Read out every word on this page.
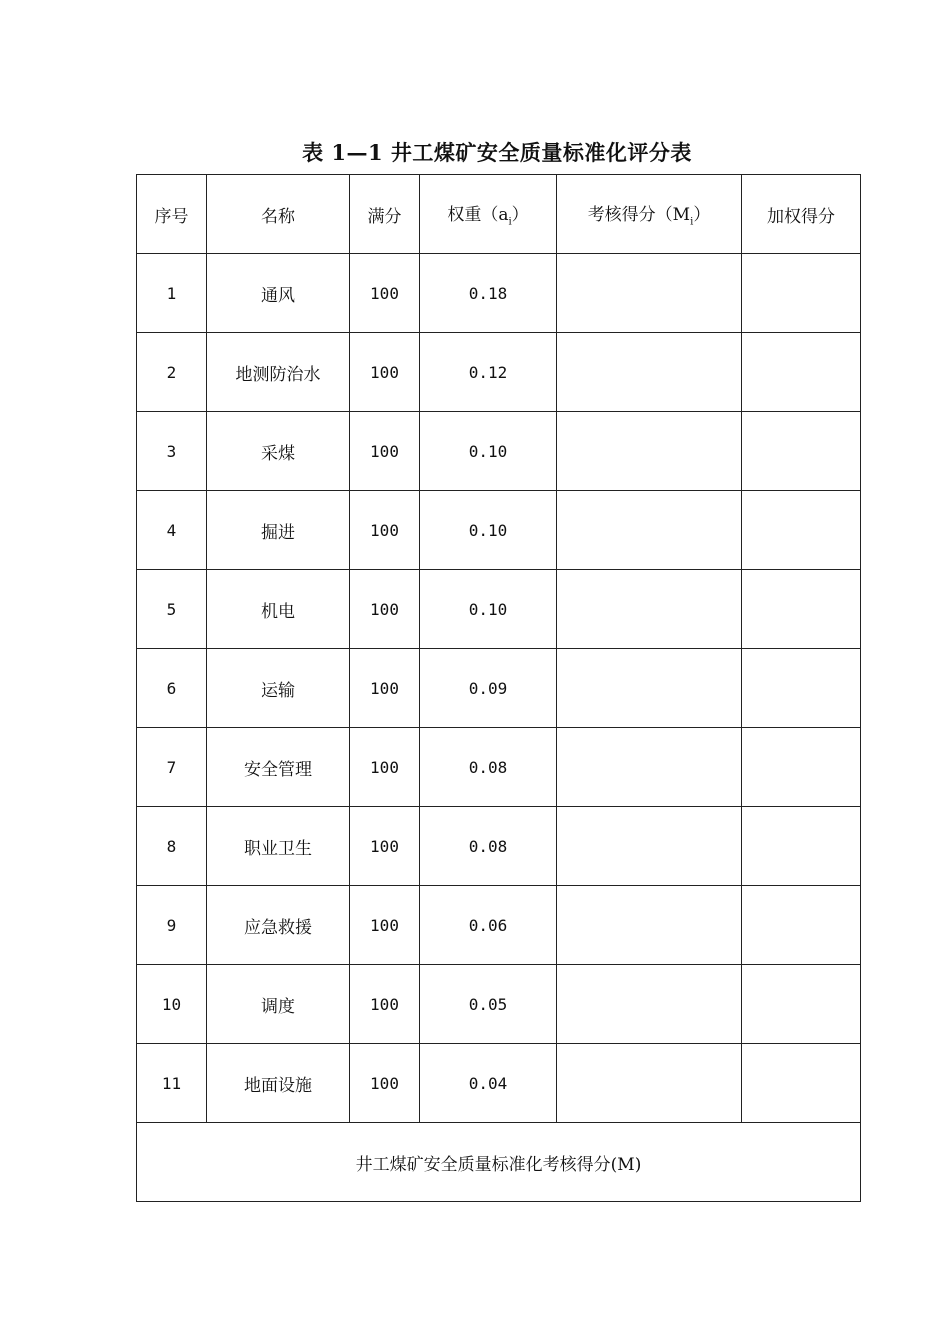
表 1—1 井工煤矿安全质量标准化评分表
序号	名称	满分	权重$(a_i)$	考核得分$(M_i)$	加权得分
1	通风	100	0.18		
2	地测防治水	100	0.12		
3	采煤	100	0.10		
4	掘进	100	0.10		
5	机电	100	0.10		
6	运输	100	0.09		
7	安全管理	100	0.08		
8	职业卫生	100	0.08		
9	应急救援	100	0.06		
10	调度	100	0.05		
11	地面设施	100	0.04		
井工煤矿安全质量标准化考核得分(M)					
